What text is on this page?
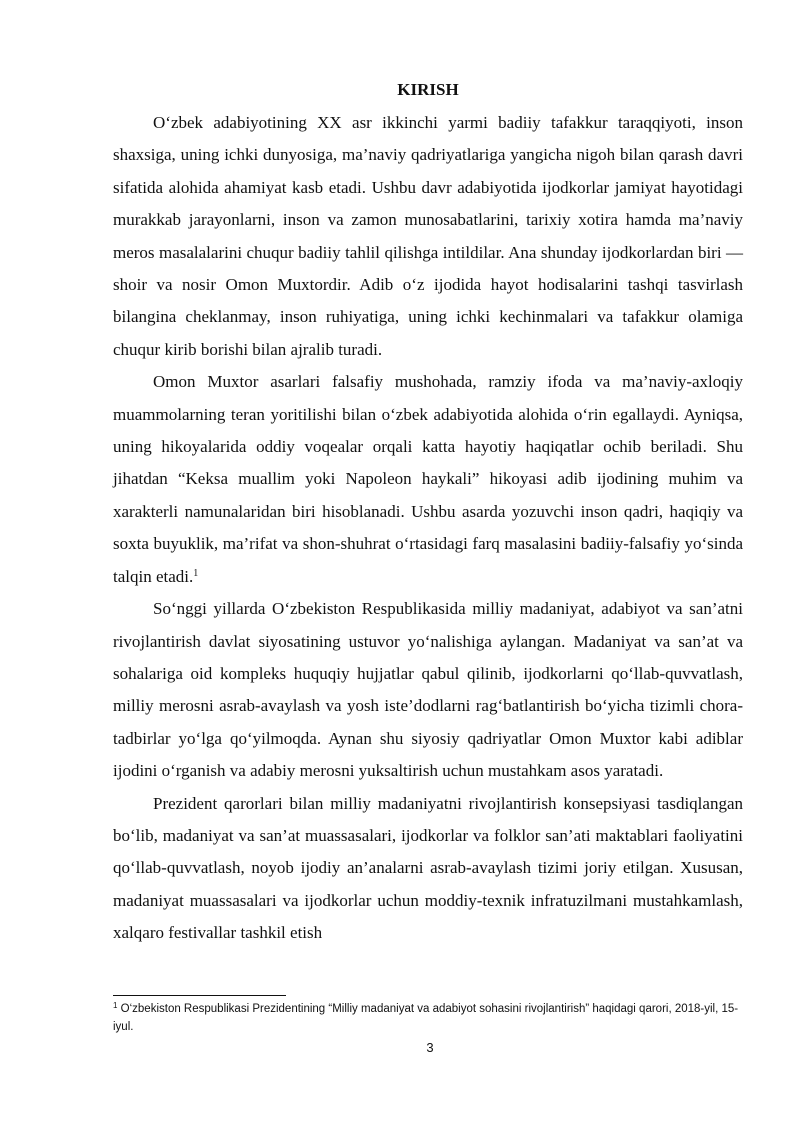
KIRISH

O‘zbek adabiyotining XX asr ikkinchi yarmi badiiy tafakkur taraqqiyoti, inson shaxsiga, uning ichki dunyosiga, ma’naviy qadriyatlariga yangicha nigoh bilan qarash davri sifatida alohida ahamiyat kasb etadi. Ushbu davr adabiyotida ijodkorlar jamiyat hayotidagi murakkab jarayonlarni, inson va zamon munosabatlarini, tarixiy xotira hamda ma’naviy meros masalalarini chuqur badiiy tahlil qilishga intildilar. Ana shunday ijodkorlardan biri — shoir va nosir Omon Muxtordir. Adib o‘z ijodida hayot hodisalarini tashqi tasvirlash bilangina cheklanmay, inson ruhiyatiga, uning ichki kechinmalari va tafakkur olamiga chuqur kirib borishi bilan ajralib turadi.

Omon Muxtor asarlari falsafiy mushohada, ramziy ifoda va ma’naviy-axloqiy muammolarning teran yoritilishi bilan o‘zbek adabiyotida alohida o‘rin egallaydi. Ayniqsa, uning hikoyalarida oddiy voqealar orqali katta hayotiy haqiqatlar ochib beriladi. Shu jihatdan “Keksa muallim yoki Napoleon haykali” hikoyasi adib ijodining muhim va xarakterli namunalaridan biri hisoblanadi. Ushbu asarda yozuvchi inson qadri, haqiqiy va soxta buyuklik, ma’rifat va shon-shuhrat o‘rtasidagi farq masalasini badiiy-falsafiy yo‘sinda talqin etadi.$^1$

So‘nggi yillarda O‘zbekiston Respublikasida milliy madaniyat, adabiyot va san’atni rivojlantirish davlat siyosatining ustuvor yo‘nalishiga aylangan. Madaniyat va san’at va sohalariga oid kompleks huquqiy hujjatlar qabul qilinib, ijodkorlarni qo‘llab-quvvatlash, milliy merosni asrab-avaylash va yosh iste’dodlarni rag‘batlantirish bo‘yicha tizimli chora-tadbirlar yo‘lga qo‘yilmoqda. Aynan shu siyosiy qadriyatlar Omon Muxtor kabi adiblar ijodini o‘rganish va adabiy merosni yuksaltirish uchun mustahkam asos yaratadi.

Prezident qarorlari bilan milliy madaniyatni rivojlantirish konsepsiyasi tasdiqlangan bo‘lib, madaniyat va san’at muassasalari, ijodkorlar va folklor san’ati maktablari faoliyatini qo‘llab-quvvatlash, noyob ijodiy an’analarni asrab-avaylash tizimi joriy etilgan. Xususan, madaniyat muassasalari va ijodkorlar uchun moddiy-texnik infratuzilmani mustahkamlash, xalqaro festivallar tashkil etish

$^1$ O‘zbekiston Respublikasi Prezidentining “Milliy madaniyat va adabiyot sohasini rivojlantirish” haqidagi qarori, 2018-yil, 15-iyul.
3
